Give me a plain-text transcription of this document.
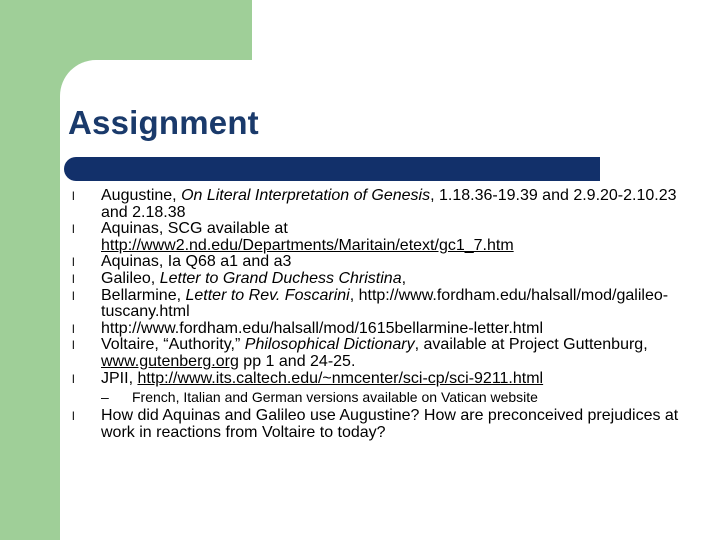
Assignment
l Augustine, On Literal Interpretation of Genesis, 1.18.36-19.39 and 2.9.20-2.10.23 and 2.18.38
l Aquinas, SCG available at http://www2.nd.edu/Departments/Maritain/etext/gc1_7.htm
l Aquinas, Ia Q68 a1 and a3
l Galileo, Letter to Grand Duchess Christina,
l Bellarmine, Letter to Rev. Foscarini, http://www.fordham.edu/halsall/mod/galileo-tuscany.html
l http://www.fordham.edu/halsall/mod/1615bellarmine-letter.html
l Voltaire, “Authority,” Philosophical Dictionary, available at Project Guttenburg, www.gutenberg.org pp 1 and 24-25.
l JPII, http://www.its.caltech.edu/~nmcenter/sci-cp/sci-9211.html
– French, Italian and German versions available on Vatican website
l How did Aquinas and Galileo use Augustine? How are preconceived prejudices at work in reactions from Voltaire to today?
